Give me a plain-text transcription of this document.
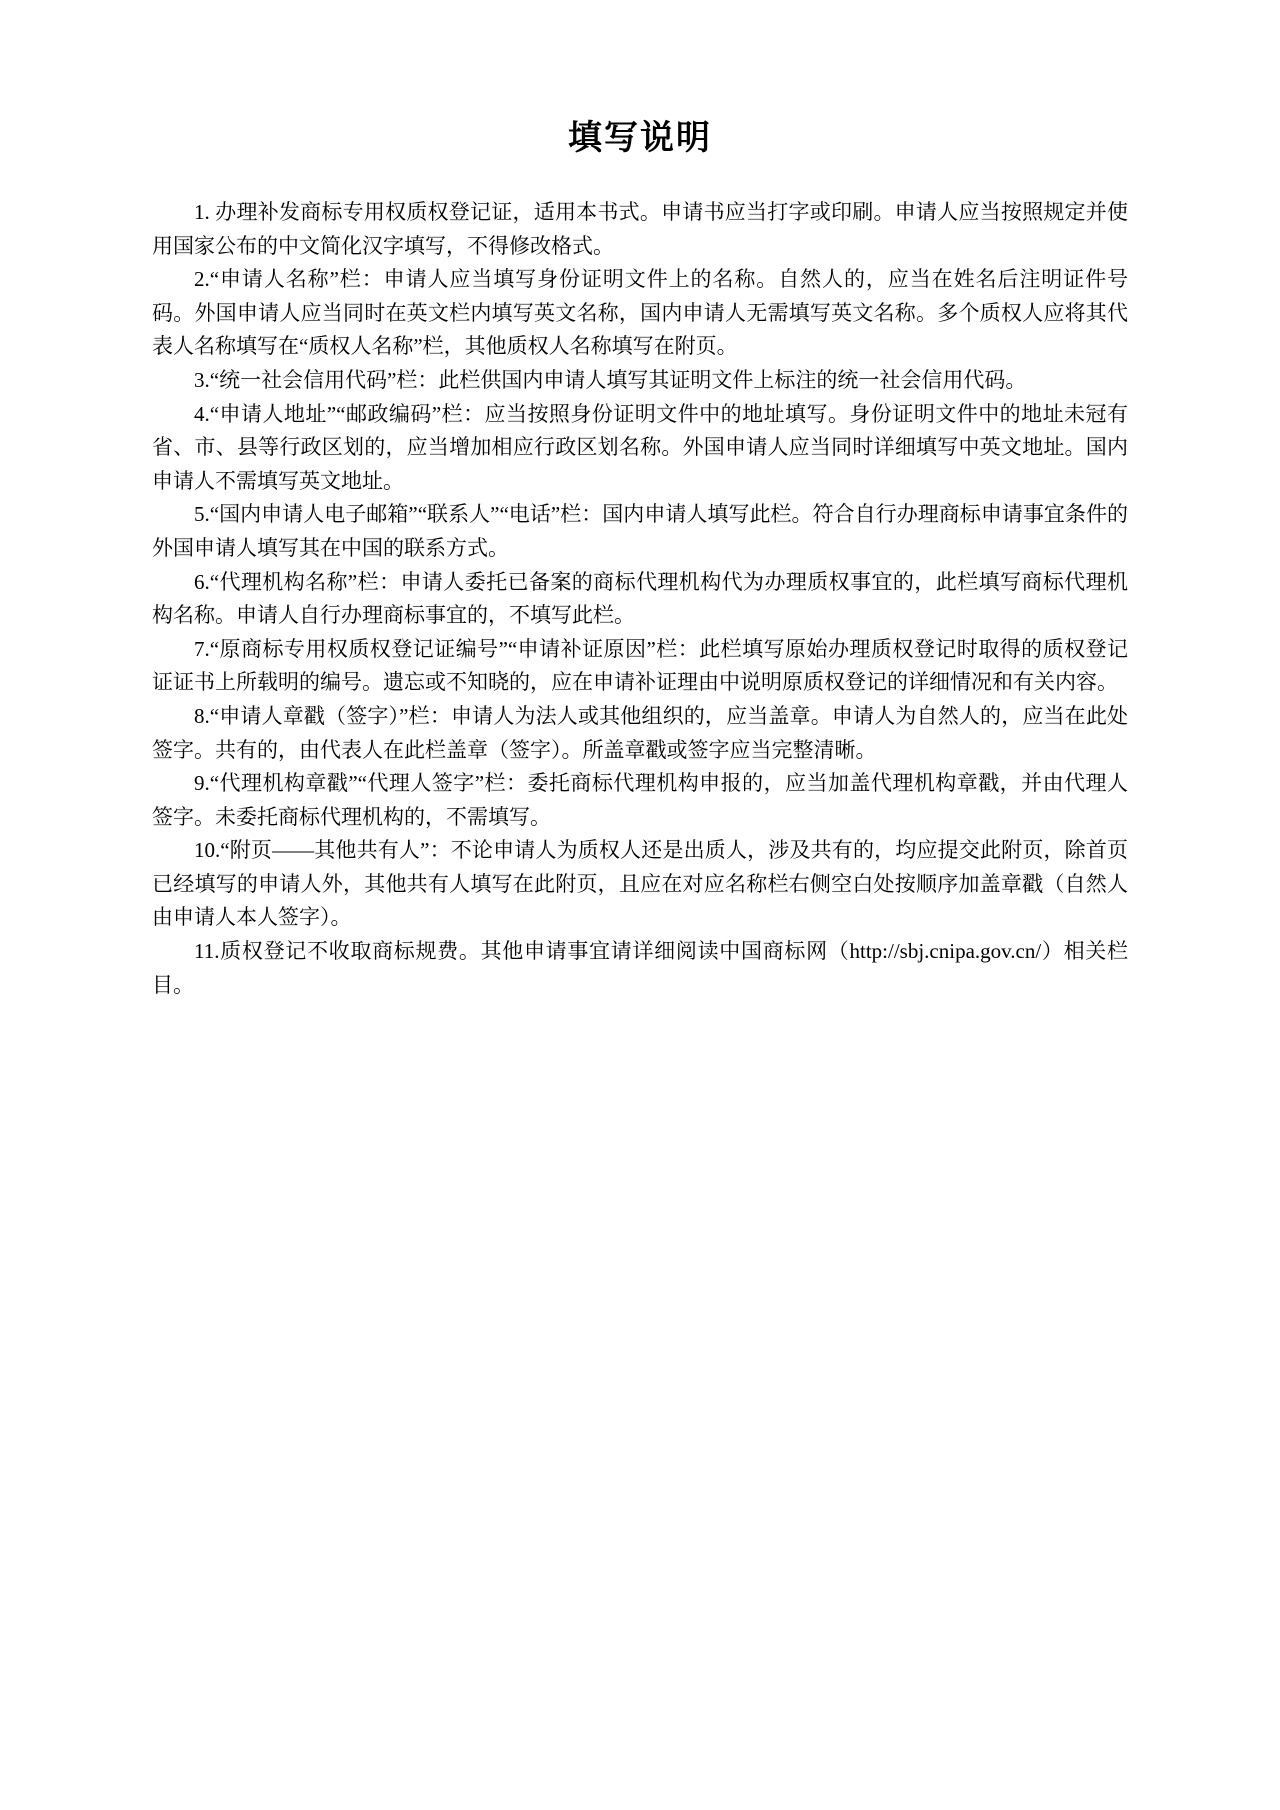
填写说明

1. 办理补发商标专用权质权登记证，适用本书式。申请书应当打字或印刷。申请人应当按照规定并使用国家公布的中文简化汉字填写，不得修改格式。

2.“申请人名称”栏：申请人应当填写身份证明文件上的名称。自然人的，应当在姓名后注明证件号码。外国申请人应当同时在英文栏内填写英文名称，国内申请人无需填写英文名称。多个质权人应将其代表人名称填写在“质权人名称”栏，其他质权人名称填写在附页。

3.“统一社会信用代码”栏：此栏供国内申请人填写其证明文件上标注的统一社会信用代码。

4.“申请人地址”“邮政编码”栏：应当按照身份证明文件中的地址填写。身份证明文件中的地址未冠有省、市、县等行政区划的，应当增加相应行政区划名称。外国申请人应当同时详细填写中英文地址。国内申请人不需填写英文地址。

5.“国内申请人电子邮箱”“联系人”“电话”栏：国内申请人填写此栏。符合自行办理商标申请事宜条件的外国申请人填写其在中国的联系方式。

6.“代理机构名称”栏：申请人委托已备案的商标代理机构代为办理质权事宜的，此栏填写商标代理机构名称。申请人自行办理商标事宜的，不填写此栏。

7.“原商标专用权质权登记证编号”“申请补证原因”栏：此栏填写原始办理质权登记时取得的质权登记证证书上所载明的编号。遗忘或不知晓的，应在申请补证理由中说明原质权登记的详细情况和有关内容。

8.“申请人章戳（签字）”栏：申请人为法人或其他组织的，应当盖章。申请人为自然人的，应当在此处签字。共有的，由代表人在此栏盖章（签字）。所盖章戳或签字应当完整清晰。

9.“代理机构章戳”“代理人签字”栏：委托商标代理机构申报的，应当加盖代理机构章戳，并由代理人签字。未委托商标代理机构的，不需填写。

10.“附页——其他共有人”：不论申请人为质权人还是出质人，涉及共有的，均应提交此附页，除首页已经填写的申请人外，其他共有人填写在此附页，且应在对应名称栏右侧空白处按顺序加盖章戳（自然人由申请人本人签字）。

11.质权登记不收取商标规费。其他申请事宜请详细阅读中国商标网（http://sbj.cnipa.gov.cn/）相关栏目。
